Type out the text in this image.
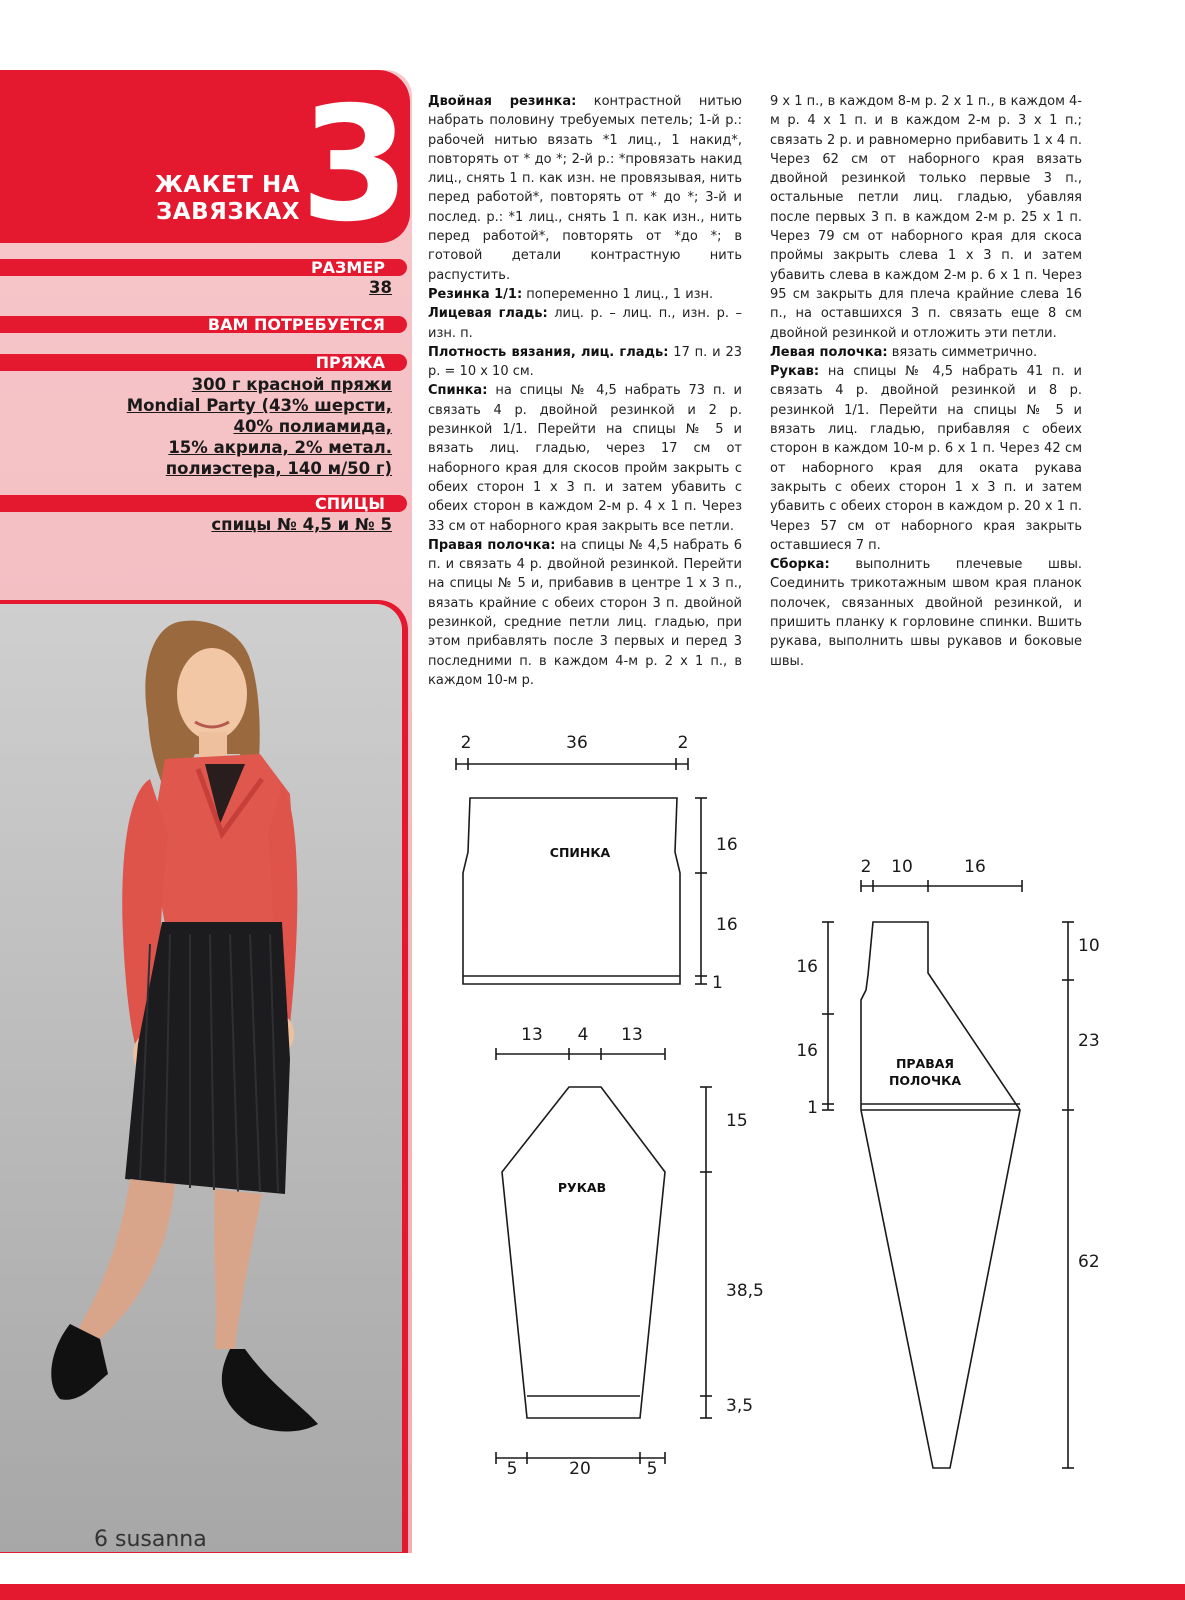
ЖАКЕТ НА
ЗАВЯЗКАХ 3
РАЗМЕР
38
ВАМ ПОТРЕБУЕТСЯ
ПРЯЖА
300 г красной пряжи
Mondial Party (43% шерсти,
40% полиамида,
15% акрила, 2% метал.
полиэстера, 140 м/50 г)
СПИЦЫ
спицы № 4,5 и № 5

Двойная резинка: контрастной нитью набрать половину требуемых петель; 1-й р.: рабочей нитью вязать *1 лиц., 1 накид*, повторять от * до *; 2-й р.: *провязать накид лиц., снять 1 п. как изн. не провязывая, нить перед работой*, повторять от * до *; 3-й и послед. р.: *1 лиц., снять 1 п. как изн., нить перед работой*, повторять от *до *; в готовой детали контрастную нить распустить.

Резинка 1/1: попеременно 1 лиц., 1 изн.

Лицевая гладь: лиц. р. – лиц. п., изн. р. – изн. п.

Плотность вязания, лиц. гладь: 17 п. и 23 р. = 10 х 10 см.

Спинка: на спицы № 4,5 набрать 73 п. и связать 4 р. двойной резинкой и 2 р. резинкой 1/1. Перейти на спицы № 5 и вязать лиц. гладью, через 17 см от наборного края для скосов пройм закрыть с обеих сторон 1 х 3 п. и затем убавить с обеих сторон в каждом 2-м р. 4 х 1 п. Через 33 см от наборного края закрыть все петли.

Правая полочка: на спицы № 4,5 набрать 6 п. и связать 4 р. двойной резинкой. Перейти на спицы № 5 и, прибавив в центре 1 х 3 п., вязать крайние с обеих сторон 3 п. двойной резинкой, средние петли лиц. гладью, при этом прибавлять после 3 первых и перед 3 последними п. в каждом 4-м р. 2 х 1 п., в каждом 10-м р.

9 х 1 п., в каждом 8-м р. 2 х 1 п., в каждом 4-м р. 4 х 1 п. и в каждом 2-м р. 3 х 1 п.; связать 2 р. и равномерно прибавить 1 х 4 п. Через 62 см от наборного края вязать двойной резинкой только первые 3 п., остальные петли лиц. гладью, убавляя после первых 3 п. в каждом 2-м р. 25 х 1 п. Через 79 см от наборного края для скоса проймы закрыть слева 1 х 3 п. и затем убавить слева в каждом 2-м р. 6 х 1 п. Через 95 см закрыть для плеча крайние слева 16 п., на оставшихся 3 п. связать еще 8 см двойной резинкой и отложить эти петли.

Левая полочка: вязать симметрично.

Рукав: на спицы № 4,5 набрать 41 п. и связать 4 р. двойной резинкой и 8 р. резинкой 1/1. Перейти на спицы № 5 и вязать лиц. гладью, прибавляя с обеих сторон в каждом 10-м р. 6 х 1 п. Через 42 см от наборного края для оката рукава закрыть с обеих сторон 1 х 3 п. и затем убавить с обеих сторон в каждом р. 20 х 1 п. Через 57 см от наборного края закрыть оставшиеся 7 п.

Сборка: выполнить плечевые швы. Соединить трикотажным швом края планок полочек, связанных двойной резинкой, и пришить планку к горловине спинки. Вшить рукава, выполнить швы рукавов и боковые швы.

СПИНКА
2	36	2
16
16
1
РУКАВ
13 4 13
15
38,5
3,5
5	20	5
ПРАВАЯ
ПОЛОЧКА
2 10	16
16
16
1
10
23
62
6 susanna
